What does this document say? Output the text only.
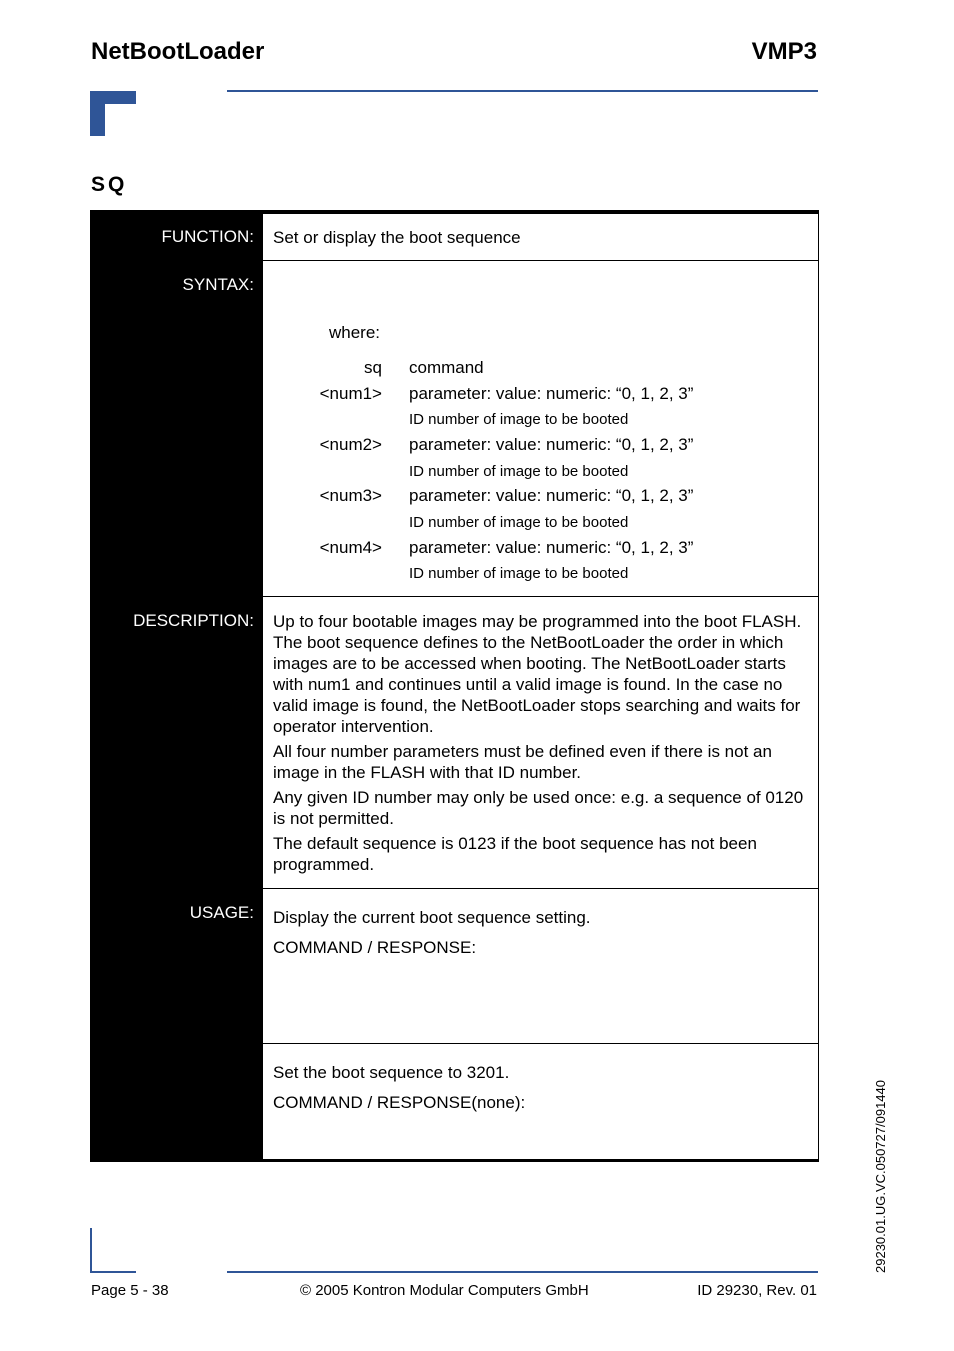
NetBootLoader	VMP3
SQ
FUNCTION: Set or display the boot sequence
SYNTAX:
where:
sq command
<num1> parameter: value: numeric: “0, 1, 2, 3”
ID number of image to be booted
<num2> parameter: value: numeric: “0, 1, 2, 3”
ID number of image to be booted
<num3> parameter: value: numeric: “0, 1, 2, 3”
ID number of image to be booted
<num4> parameter: value: numeric: “0, 1, 2, 3”
ID number of image to be booted
DESCRIPTION: Up to four bootable images may be programmed into the boot FLASH. The boot sequence defines to the NetBootLoader the order in which images are to be accessed when booting. The NetBootLoader starts with num1 and continues until a valid image is found. In the case no valid image is found, the NetBootLoader stops searching and waits for operator intervention.

All four number parameters must be defined even if there is not an image in the FLASH with that ID number.

Any given ID number may only be used once: e.g. a sequence of 0120 is not permitted.

The default sequence is 0123 if the boot sequence has not been programmed.

USAGE: Display the current boot sequence setting.
COMMAND / RESPONSE:
Set the boot sequence to 3201.
COMMAND / RESPONSE(none):
Page 5 - 38	© 2005 Kontron Modular Computers GmbH	ID 29230, Rev. 01
29230.01.UG.VC.050727/091440
